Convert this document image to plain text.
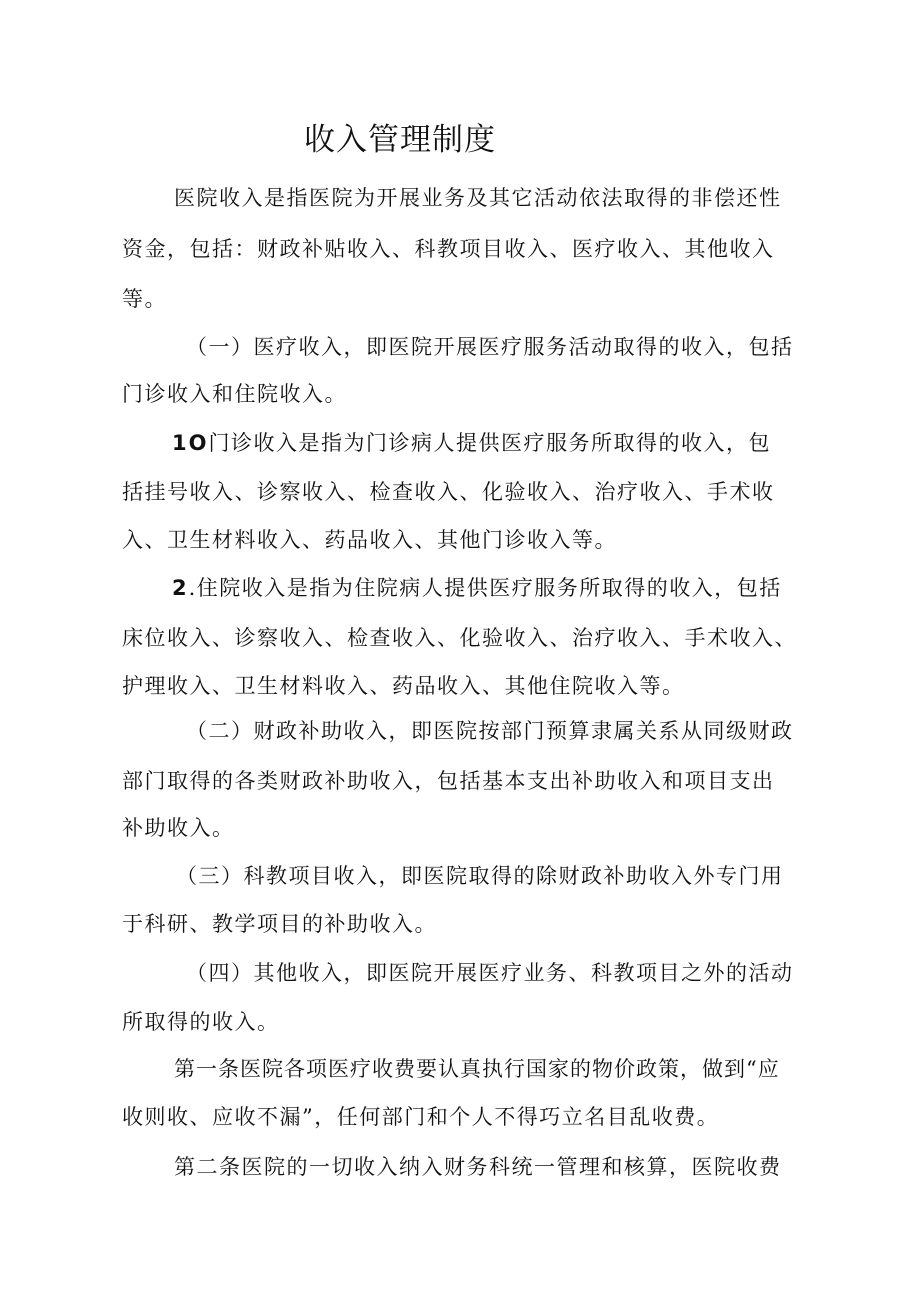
收入管理制度
医院收入是指医院为开展业务及其它活动依法取得的非偿还性
资金，包括：财政补贴收入、科教项目收入、医疗收入、其他收入
等。
（一）医疗收入，即医院开展医疗服务活动取得的收入，包括
门诊收入和住院收入。
1O门诊收入是指为门诊病人提供医疗服务所取得的收入，包
括挂号收入、诊察收入、检查收入、化验收入、治疗收入、手术收
入、卫生材料收入、药品收入、其他门诊收入等。
2.住院收入是指为住院病人提供医疗服务所取得的收入，包括
床位收入、诊察收入、检查收入、化验收入、治疗收入、手术收入、
护理收入、卫生材料收入、药品收入、其他住院收入等。
（二）财政补助收入，即医院按部门预算隶属关系从同级财政
部门取得的各类财政补助收入，包括基本支出补助收入和项目支出
补助收入。
（三）科教项目收入，即医院取得的除财政补助收入外专门用
于科研、教学项目的补助收入。
（四）其他收入，即医院开展医疗业务、科教项目之外的活动
所取得的收入。
第一条医院各项医疗收费要认真执行国家的物价政策，做到“应
收则收、应收不漏”，任何部门和个人不得巧立名目乱收费。
第二条医院的一切收入纳入财务科统一管理和核算，医院收费
